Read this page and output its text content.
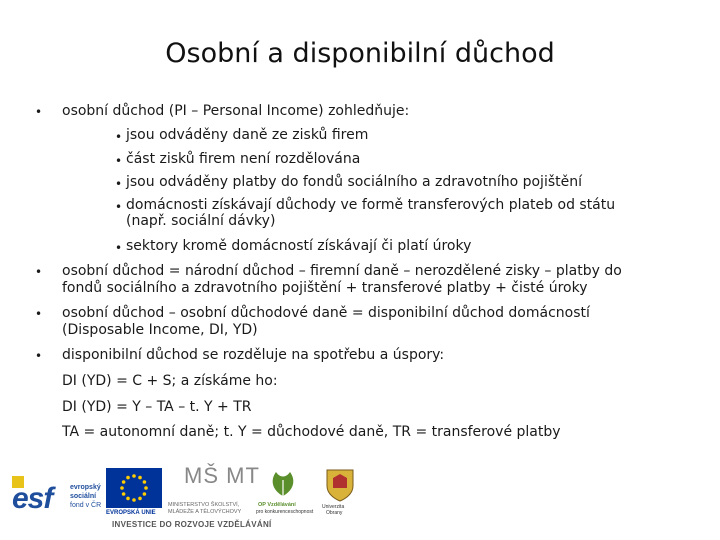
Osobní a disponibilní důchod
• osobní důchod (PI – Personal Income) zohledňuje:
• jsou odváděny daně ze zisků firem
• část zisků firem není rozdělována
• jsou odváděny platby do fondů sociálního a zdravotního pojištění
• domácnosti získávají důchody ve formě transferových plateb od státu
(např. sociální dávky)
• sektory kromě domácností získávají či platí úroky
• osobní důchod = národní důchod – firemní daně – nerozdělené zisky – platby do
fondů sociálního a zdravotního pojištění + transferové platby + čisté úroky
• osobní důchod – osobní důchodové daně = disponibilní důchod domácností
(Disposable Income, DI, YD)
• disponibilní důchod se rozděluje na spotřebu a úspory:
DI (YD) = C + S; a získáme ho:
DI (YD) = Y – TA – t. Y + TR
TA = autonomní daně; t. Y = důchodové daně, TR = transferové platby
esf	evropský
sociální
fond v ČR
EVROPSKÁ UNIE
MŠ MT
MINISTERSTVO ŠKOLSTVÍ,
MLÁDEŽE A TĚLOVÝCHOVY
OP Vzdělávání
pro konkurenceschopnost
Univerzita
Obrany
INVESTICE DO ROZVOJE VZDĚLÁVÁNÍ
